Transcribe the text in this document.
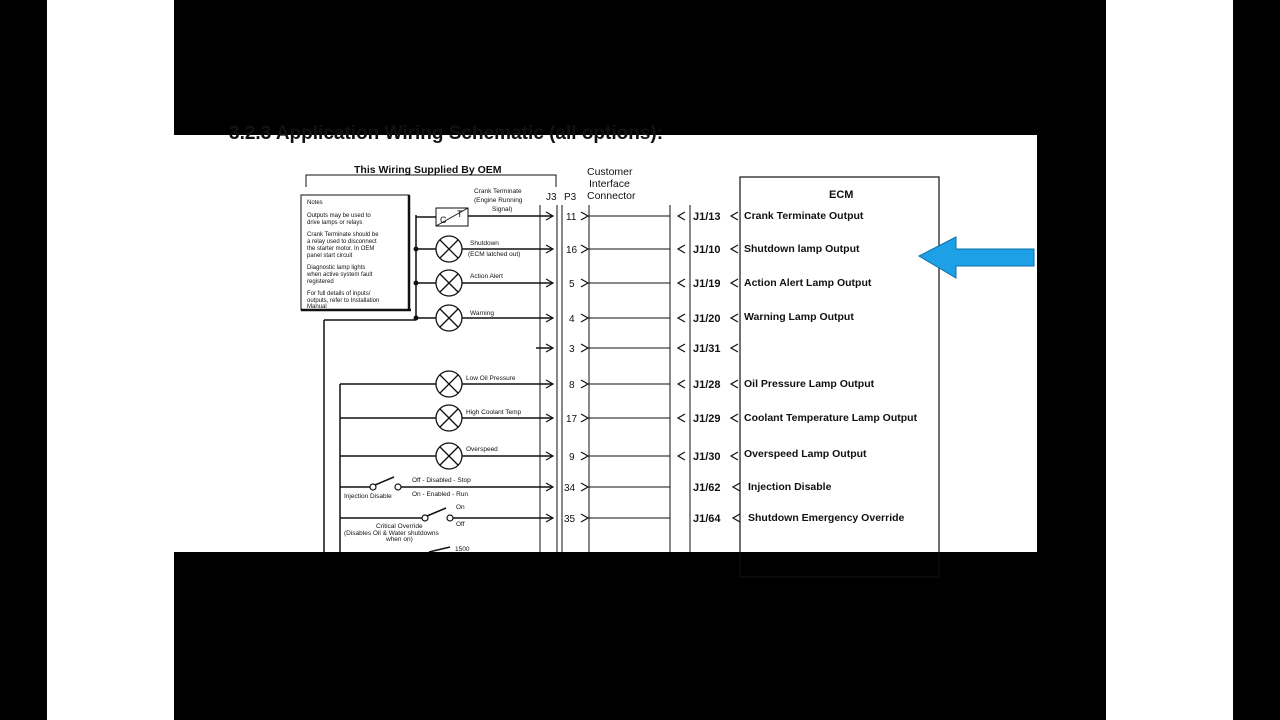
3.2.3 Application Wiring Schematic (all options):
This Wiring Supplied By OEM	Customer
Interface
Connector
J3 P3	ECM
Notes
Outputs may be used to
drive lamps or relays
Crank Terminate should be
a relay used to disconnect
the starter motor. In OEM
panel start circuit
Diagnostic lamp lights
when active system fault
registered
For full details of inputs/
outputs, refer to Installation
Manual
C
T
Crank Terminate
(Engine Running
Signal)
11	J1/13 Crank Terminate Output
Shutdown
(ECM latched out)	16	J1/10 Shutdown lamp Output
Action Alert
5	J1/19 Action Alert Lamp Output
Warning
4	J1/20 Warning Lamp Output
3	J1/31
Low Oil Pressure
8	J1/28 Oil Pressure Lamp Output
High Coolant Temp
17	J1/29 Coolant Temperature Lamp Output
Overspeed
9	J1/30 Overspeed Lamp Output
Off - Disabled - Stop
On - Enabled - Run
Injection Disable
34	J1/62	Injection Disable
On
Off
Critical Override
(Disables Oil & Water shutdowns
when on)
35	J1/64	Shutdown Emergency Override
1500
